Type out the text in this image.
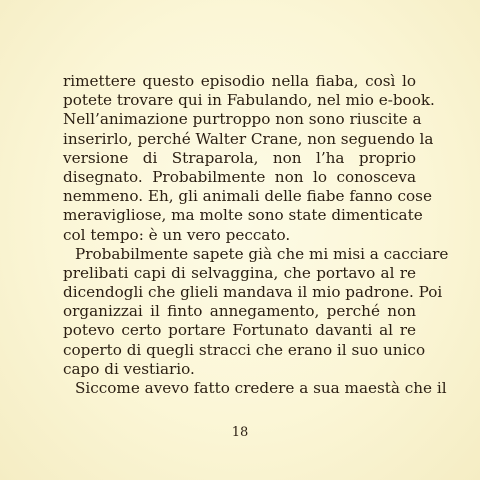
rimettere questo episodio nella fiaba, così lo
potete trovare qui in Fabulando, nel mio e-book.
Nell’animazione purtroppo non sono riuscite a
inserirlo, perché Walter Crane, non seguendo la
versione di Straparola, non l’ha proprio
disegnato. Probabilmente non lo conosceva
nemmeno. Eh, gli animali delle fiabe fanno cose
meravigliose, ma molte sono state dimenticate
col tempo: è un vero peccato.
Probabilmente sapete già che mi misi a cacciare
prelibati capi di selvaggina, che portavo al re
dicendogli che glieli mandava il mio padrone. Poi
organizzai il finto annegamento, perché non
potevo certo portare Fortunato davanti al re
coperto di quegli stracci che erano il suo unico
capo di vestiario.
Siccome avevo fatto credere a sua maestà che il
18
